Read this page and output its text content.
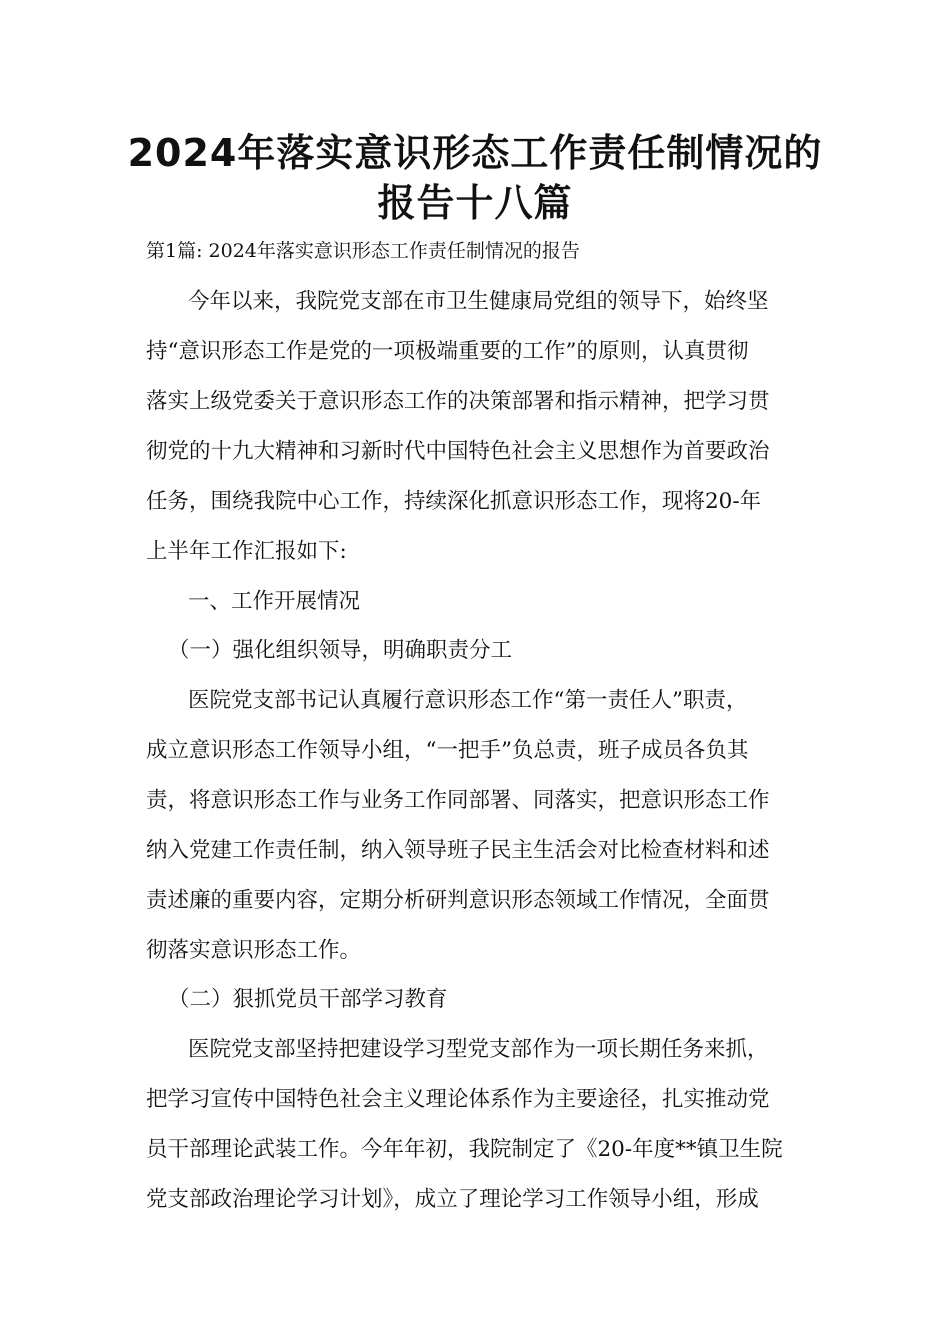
2024年落实意识形态工作责任制情况的
报告十八篇

第1篇: 2024年落实意识形态工作责任制情况的报告

今年以来，我院党支部在市卫生健康局党组的领导下，始终坚

持“意识形态工作是党的一项极端重要的工作”的原则，认真贯彻

落实上级党委关于意识形态工作的决策部署和指示精神，把学习贯

彻党的十九大精神和习新时代中国特色社会主义思想作为首要政治

任务，围绕我院中心工作，持续深化抓意识形态工作，现将20-年

上半年工作汇报如下:

一、工作开展情况

（一）强化组织领导，明确职责分工

医院党支部书记认真履行意识形态工作“第一责任人”职责，

成立意识形态工作领导小组，“一把手”负总责，班子成员各负其

责，将意识形态工作与业务工作同部署、同落实，把意识形态工作

纳入党建工作责任制，纳入领导班子民主生活会对比检查材料和述

责述廉的重要内容，定期分析研判意识形态领域工作情况，全面贯

彻落实意识形态工作。

（二）狠抓党员干部学习教育

医院党支部坚持把建设学习型党支部作为一项长期任务来抓，

把学习宣传中国特色社会主义理论体系作为主要途径，扎实推动党

员干部理论武装工作。今年年初，我院制定了《20-年度**镇卫生院

党支部政治理论学习计划》，成立了理论学习工作领导小组，形成
